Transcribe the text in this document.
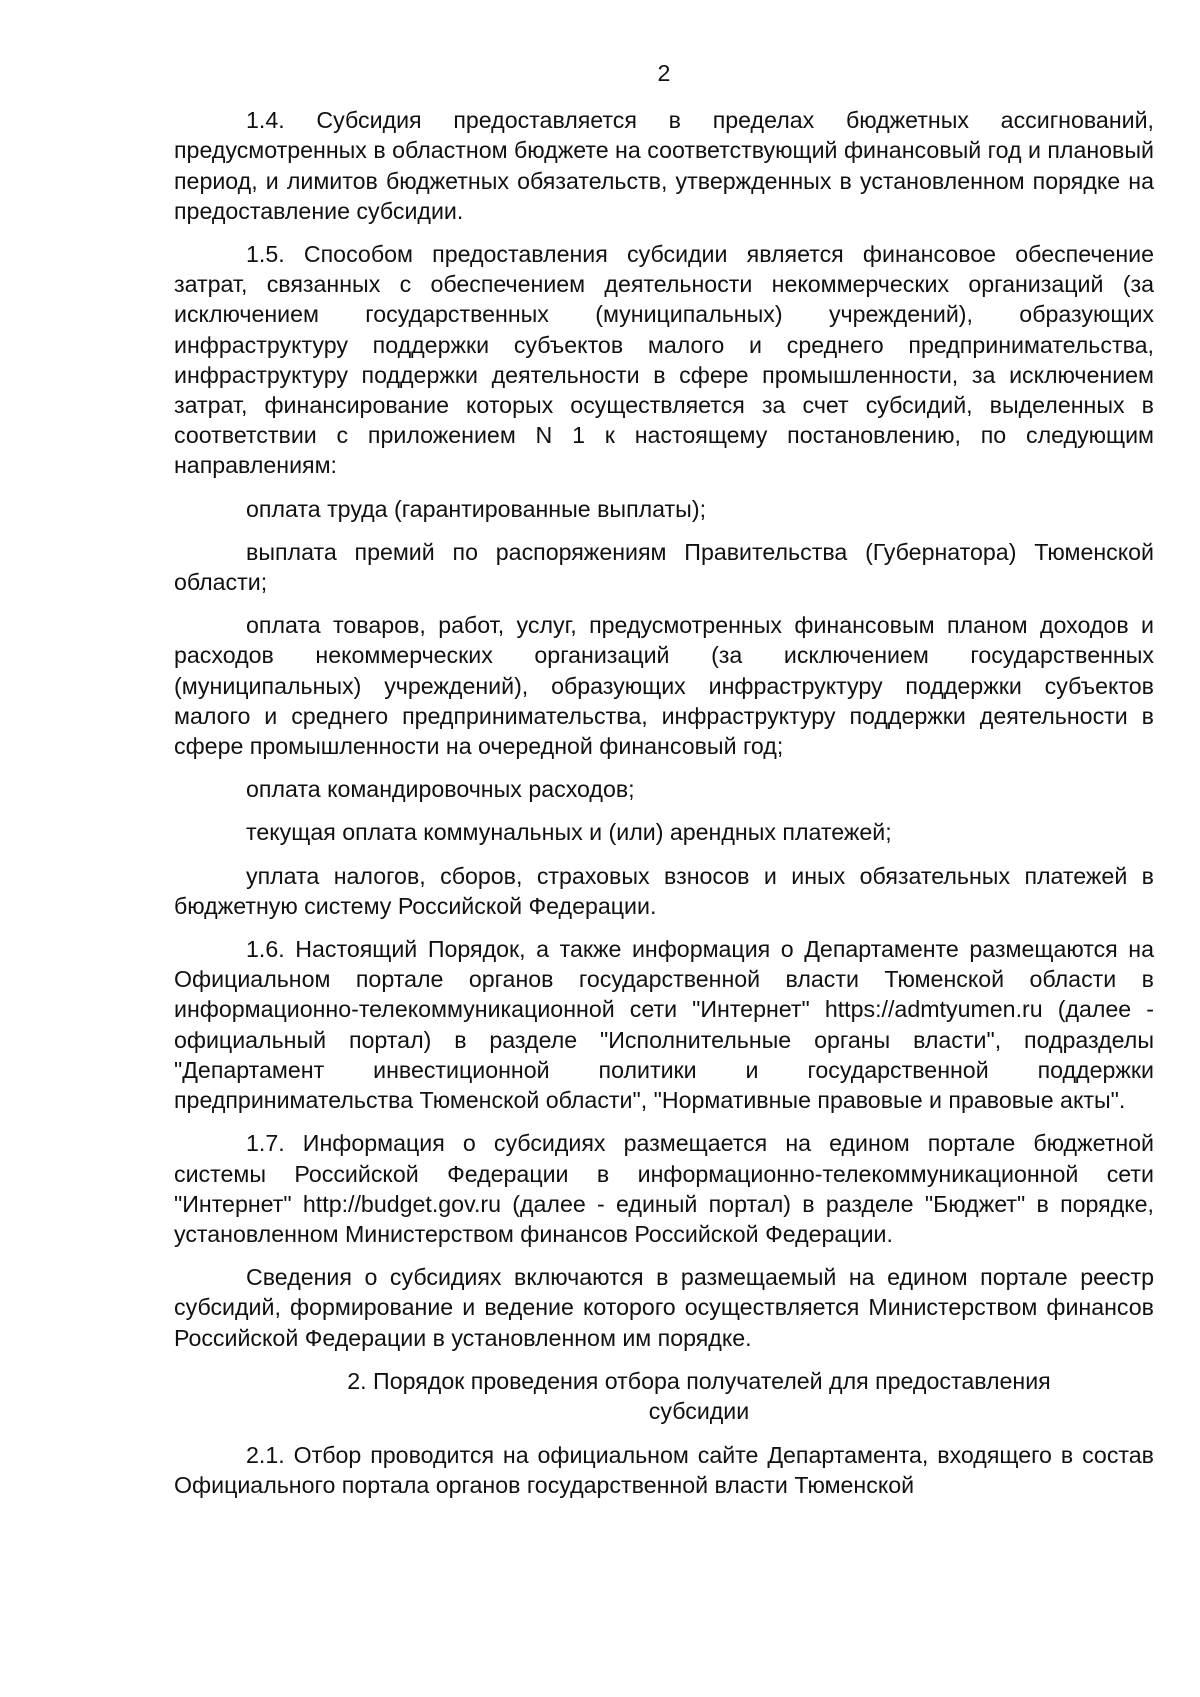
2

1.4. Субсидия предоставляется в пределах бюджетных ассигнований, предусмотренных в областном бюджете на соответствующий финансовый год и плановый период, и лимитов бюджетных обязательств, утвержденных в установленном порядке на предоставление субсидии.

1.5. Способом предоставления субсидии является финансовое обеспечение затрат, связанных с обеспечением деятельности некоммерческих организаций (за исключением государственных (муниципальных) учреждений), образующих инфраструктуру поддержки субъектов малого и среднего предпринимательства, инфраструктуру поддержки деятельности в сфере промышленности, за исключением затрат, финансирование которых осуществляется за счет субсидий, выделенных в соответствии с приложением N 1 к настоящему постановлению, по следующим направлениям:

оплата труда (гарантированные выплаты);

выплата премий по распоряжениям Правительства (Губернатора) Тюменской области;

оплата товаров, работ, услуг, предусмотренных финансовым планом доходов и расходов некоммерческих организаций (за исключением государственных (муниципальных) учреждений), образующих инфраструктуру поддержки субъектов малого и среднего предпринимательства, инфраструктуру поддержки деятельности в сфере промышленности на очередной финансовый год;

оплата командировочных расходов;

текущая оплата коммунальных и (или) арендных платежей;

уплата налогов, сборов, страховых взносов и иных обязательных платежей в бюджетную систему Российской Федерации.

1.6. Настоящий Порядок, а также информация о Департаменте размещаются на Официальном портале органов государственной власти Тюменской области в информационно-телекоммуникационной сети "Интернет" https://admtyumen.ru (далее - официальный портал) в разделе "Исполнительные органы власти", подразделы "Департамент инвестиционной политики и государственной поддержки предпринимательства Тюменской области", "Нормативные правовые и правовые акты".

1.7. Информация о субсидиях размещается на едином портале бюджетной системы Российской Федерации в информационно-телекоммуникационной сети "Интернет" http://budget.gov.ru (далее - единый портал) в разделе "Бюджет" в порядке, установленном Министерством финансов Российской Федерации.

Сведения о субсидиях включаются в размещаемый на едином портале реестр субсидий, формирование и ведение которого осуществляется Министерством финансов Российской Федерации в установленном им порядке.

2. Порядок проведения отбора получателей для предоставления субсидии

2.1. Отбор проводится на официальном сайте Департамента, входящего в состав Официального портала органов государственной власти Тюменской
